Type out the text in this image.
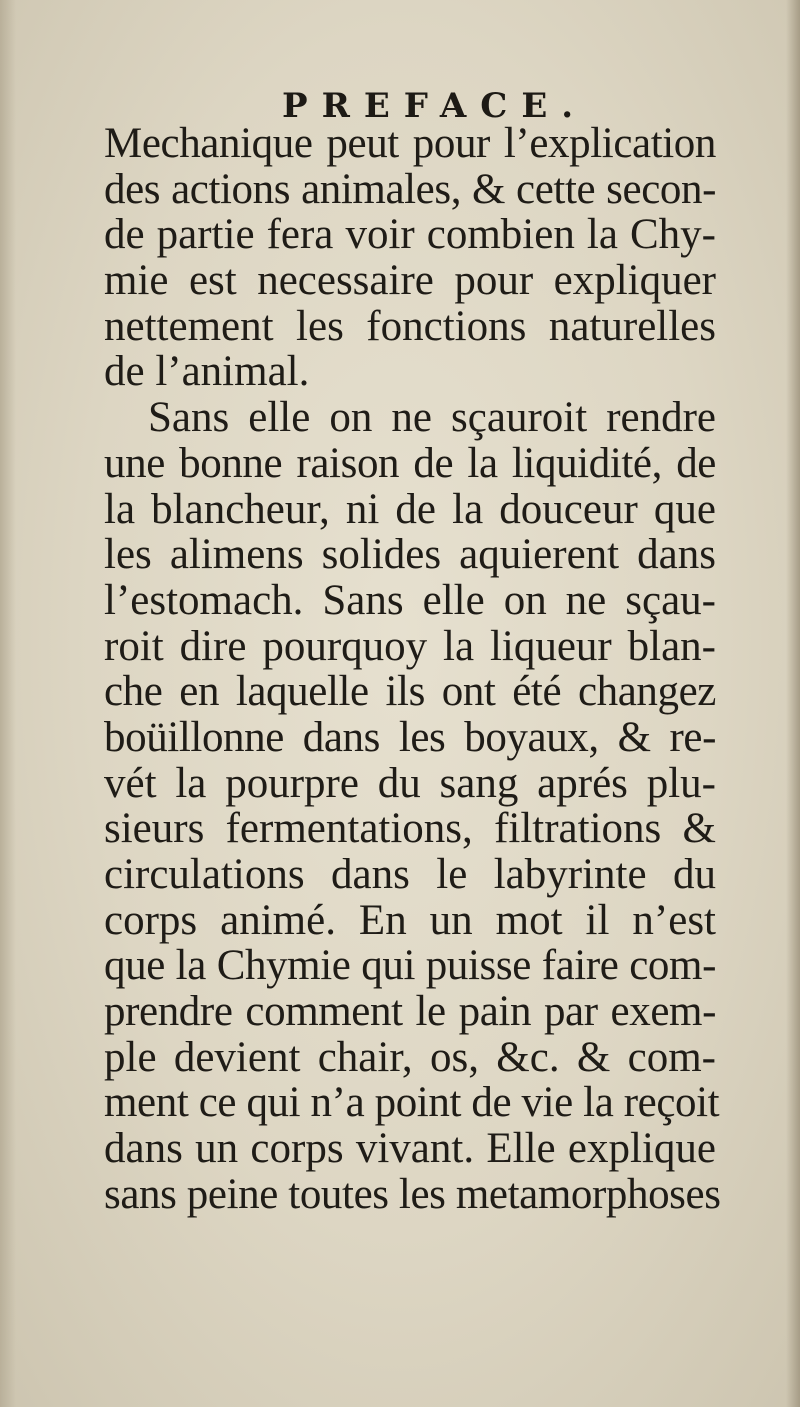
PREFACE.
Mechanique peut pour l’explication
des actions animales, & cette secon-
de partie fera voir combien la Chy-
mie est necessaire pour expliquer
nettement les fonctions naturelles
de l’animal.
Sans elle on ne sçauroit rendre
une bonne raison de la liquidité, de
la blancheur, ni de la douceur que
les alimens solides aquierent dans
l’estomach. Sans elle on ne sçau-
roit dire pourquoy la liqueur blan-
che en laquelle ils ont été changez
boüillonne dans les boyaux, & re-
vét la pourpre du sang aprés plu-
sieurs fermentations, filtrations &
circulations dans le labyrinte du
corps animé. En un mot il n’est
que la Chymie qui puisse faire com-
prendre comment le pain par exem-
ple devient chair, os, &c. & com-
ment ce qui n’a point de vie la reçoit
dans un corps vivant. Elle explique
sans peine toutes les metamorphoses
